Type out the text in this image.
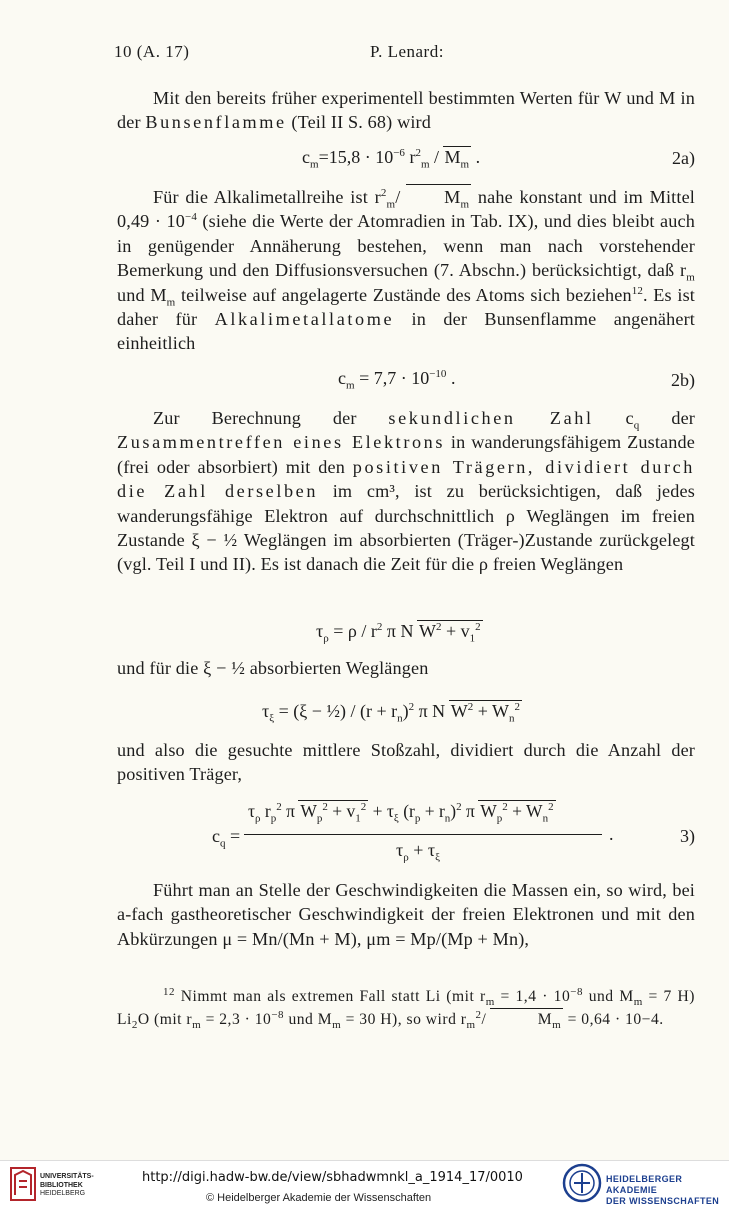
10 (A. 17)	P. Lenard:
Mit den bereits früher experimentell bestimmten Werten für W und M in der Bunsenflamme (Teil II S. 68) wird
$c_m=15,8 \cdot 10^{-6}$ $r^2_m / M_m$ .	2a)
Für die Alkalimetallreihe ist $r^2_m/$ $M_m$ nahe konstant und im Mittel $0,49 \cdot 10^{-4}$ (siehe die Werte der Atomradien in Tab. IX), und dies bleibt auch in genügender Annäherung bestehen, wenn man nach vorstehender Bemerkung und den Diffusionsversuchen (7. Abschn.) berücksichtigt, daß $r_m$ und $M_m$ teilweise auf angelagerte Zustände des Atoms sich beziehen$^{12}$. Es ist daher für Alkalimetallatome in der Bunsenflamme angenähert einheitlich
$c_m = 7,7 \cdot 10^{-10}$ .	2b)
Zur Berechnung der sekundlichen Zahl $c_q$ der Zusammentreffen eines Elektrons in wanderungsfähigem Zustande (frei oder absorbiert) mit den positiven Trägern, dividiert durch die Zahl derselben im cm³, ist zu berücksichtigen, daß jedes wanderungsfähige Elektron auf durchschnittlich ρ Weglängen im freien Zustande ξ − ½ Weglängen im absorbierten (Träger-)Zustande zurückgelegt (vgl. Teil I und II). Es ist danach die Zeit für die ρ freien Weglängen
$\tau_\rho = \rho / r^2$ π N $W^2 + v_1^2$
und für die ξ − ½ absorbierten Weglängen
$\tau_\xi = (\xi$ − ½) / $(r + r_n)^2$ π N $W^2 + W_n^2$
und also die gesuchte mittlere Stoßzahl, dividiert durch die Anzahl der positiven Träger,
$c_q$ =
$\tau_\rho$ $r_p^2$ π $W_p^2 + v_1^2 + \tau_\xi$ $(r_p + r_n)^2$ π $W_p^2 + W_n^2$
$\tau_\rho + \tau_\xi$
.	3)
Führt man an Stelle der Geschwindigkeiten die Massen ein, so wird, bei a-fach gastheoretischer Geschwindigkeit der freien Elektronen und mit den Abkürzungen μ = Mn/(Mn + M), μm = Mp/(Mp + Mn),
$^{12}$ Nimmt man als extremen Fall statt Li (mit $r_m = 1,4 \cdot 10^{-8}$ und $M_m = 7$ H) $Li_2O$ (mit $r_m = 2,3 \cdot 10^{-8}$ und $M_m = 30$ H), so wird $r_m^2/$	$M_m = 0,64 \cdot 10-4$.
UNIVERSITÄTS-
BIBLIOTHEK
HEIDELBERG
http://digi.hadw-bw.de/view/sbhadwmnkl_a_1914_17/0010
© Heidelberger Akademie der Wissenschaften
HEIDELBERGER AKADEMIE
DER WISSENSCHAFTEN
